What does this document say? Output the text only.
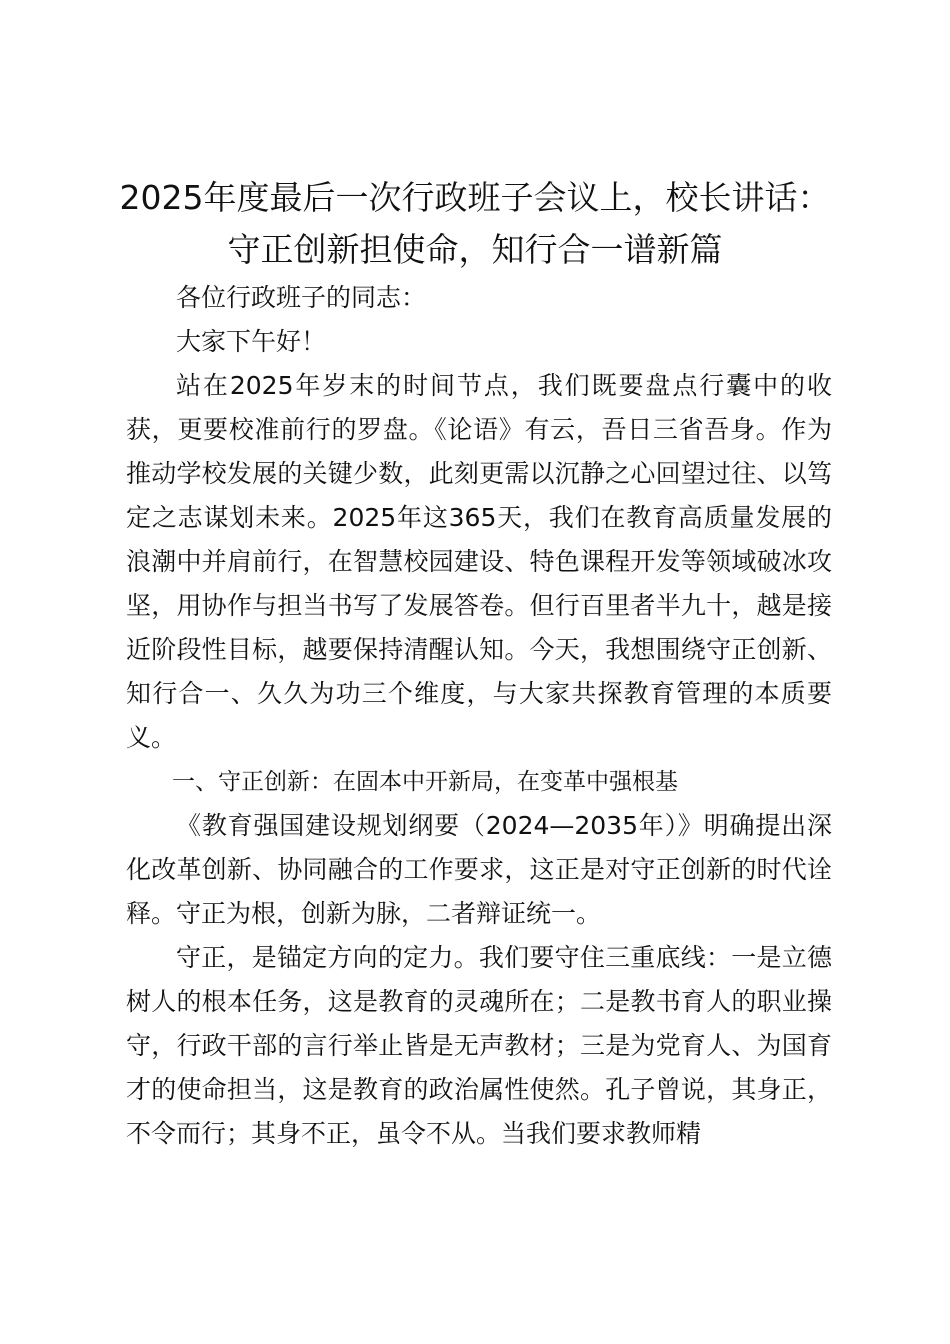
2025年度最后一次行政班子会议上，校长讲话：守正创新担使命，知行合一谱新篇

各位行政班子的同志：

大家下午好！

站在2025年岁末的时间节点，我们既要盘点行囊中的收获，更要校准前行的罗盘。《论语》有云，吾日三省吾身。作为推动学校发展的关键少数，此刻更需以沉静之心回望过往、以笃定之志谋划未来。2025年这365天，我们在教育高质量发展的浪潮中并肩前行，在智慧校园建设、特色课程开发等领域破冰攻坚，用协作与担当书写了发展答卷。但行百里者半九十，越是接近阶段性目标，越要保持清醒认知。今天，我想围绕守正创新、知行合一、久久为功三个维度，与大家共探教育管理的本质要义。

一、守正创新：在固本中开新局，在变革中强根基

《教育强国建设规划纲要（2024—2035年）》明确提出深化改革创新、协同融合的工作要求，这正是对守正创新的时代诠释。守正为根，创新为脉，二者辩证统一。

守正，是锚定方向的定力。我们要守住三重底线：一是立德树人的根本任务，这是教育的灵魂所在；二是教书育人的职业操守，行政干部的言行举止皆是无声教材；三是为党育人、为国育才的使命担当，这是教育的政治属性使然。孔子曾说，其身正，不令而行；其身不正，虽令不从。当我们要求教师精
